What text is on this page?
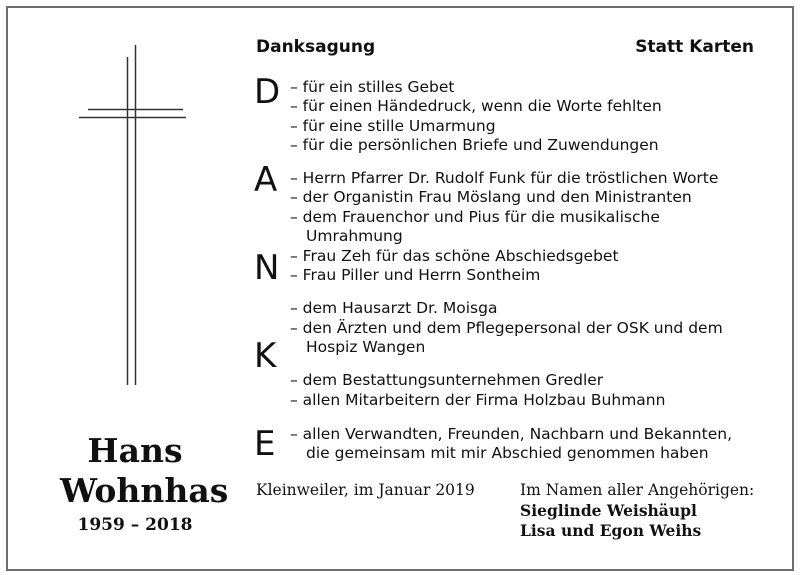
Hans
Wohnhas
1959 – 2018
Danksagung	Statt Karten
D
A
N
K
E
– für ein stilles Gebet
– für einen Händedruck, wenn die Worte fehlten
– für eine stille Umarmung
– für die persönlichen Briefe und Zuwendungen
– Herrn Pfarrer Dr. Rudolf Funk für die tröstlichen Worte
– der Organistin Frau Möslang und den Ministranten
– dem Frauenchor und Pius für die musikalische
Umrahmung
– Frau Zeh für das schöne Abschiedsgebet
– Frau Piller und Herrn Sontheim
– dem Hausarzt Dr. Moisga
– den Ärzten und dem Pflegepersonal der OSK und dem
Hospiz Wangen
– dem Bestattungsunternehmen Gredler
– allen Mitarbeitern der Firma Holzbau Buhmann
– allen Verwandten, Freunden, Nachbarn und Bekannten,
die gemeinsam mit mir Abschied genommen haben
Kleinweiler, im Januar 2019	Im Namen aller Angehörigen:
Sieglinde Weishäupl
Lisa und Egon Weihs
